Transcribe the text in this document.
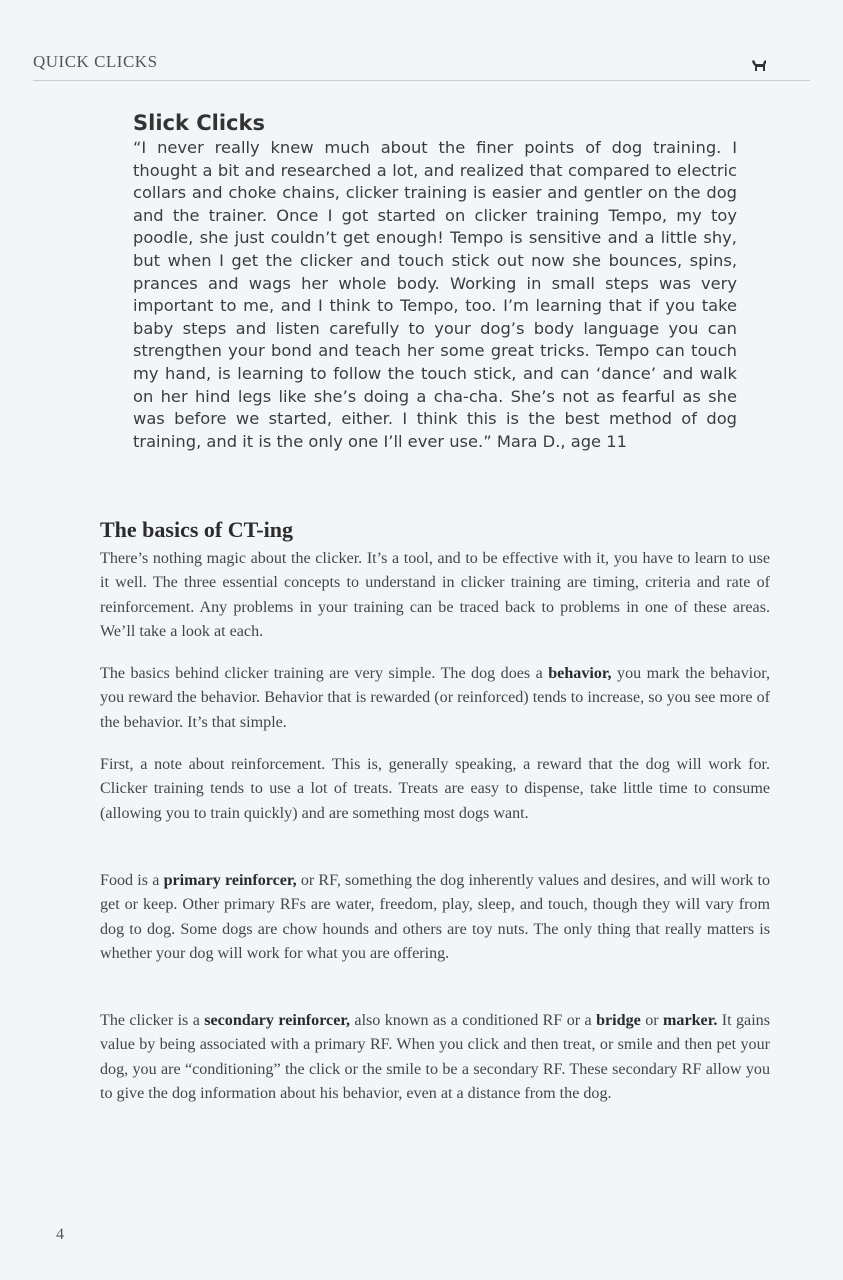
QUICK CLICKS
Slick Clicks

“I never really knew much about the finer points of dog training. I thought a bit and researched a lot, and realized that compared to electric collars and choke chains, clicker training is easier and gentler on the dog and the trainer. Once I got started on clicker training Tempo, my toy poodle, she just couldn’t get enough! Tempo is sensitive and a little shy, but when I get the clicker and touch stick out now she bounces, spins, prances and wags her whole body. Working in small steps was very important to me, and I think to Tempo, too. I’m learning that if you take baby steps and listen carefully to your dog’s body language you can strengthen your bond and teach her some great tricks. Tempo can touch my hand, is learning to follow the touch stick, and can ‘dance’ and walk on her hind legs like she’s doing a cha-cha. She’s not as fearful as she was before we started, either. I think this is the best method of dog training, and it is the only one I’ll ever use.” Mara D., age 11

The basics of CT-ing

There’s nothing magic about the clicker. It’s a tool, and to be effective with it, you have to learn to use it well. The three essential concepts to understand in clicker training are timing, criteria and rate of reinforcement. Any problems in your training can be traced back to problems in one of these areas. We’ll take a look at each.

The basics behind clicker training are very simple. The dog does a behavior, you mark the behavior, you reward the behavior. Behavior that is rewarded (or reinforced) tends to increase, so you see more of the behavior. It’s that simple.

First, a note about reinforcement. This is, generally speaking, a reward that the dog will work for. Clicker training tends to use a lot of treats. Treats are easy to dispense, take little time to consume (allowing you to train quickly) and are something most dogs want.

Food is a primary reinforcer, or RF, something the dog inherently values and desires, and will work to get or keep. Other primary RFs are water, freedom, play, sleep, and touch, though they will vary from dog to dog. Some dogs are chow hounds and others are toy nuts. The only thing that really matters is whether your dog will work for what you are offering.

The clicker is a secondary reinforcer, also known as a conditioned RF or a bridge or marker. It gains value by being associated with a primary RF. When you click and then treat, or smile and then pet your dog, you are “conditioning” the click or the smile to be a secondary RF. These secondary RF allow you to give the dog information about his behavior, even at a distance from the dog.

4
